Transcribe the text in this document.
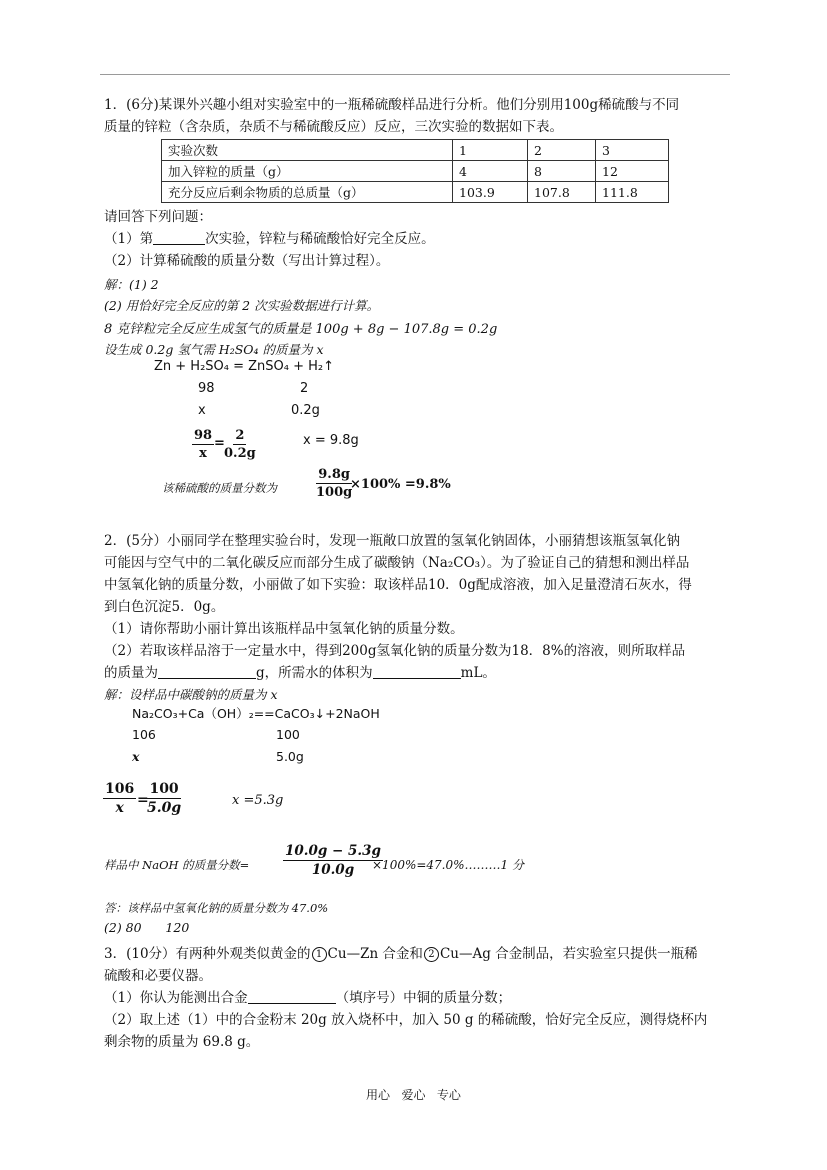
1．(6分)某课外兴趣小组对实验室中的一瓶稀硫酸样品进行分析。他们分别用100g稀硫酸与不同
质量的锌粒（含杂质，杂质不与稀硫酸反应）反应，三次实验的数据如下表。
实验次数	1	2	3
加入锌粒的质量（g）	4	8	12
充分反应后剩余物质的总质量（g）	103.9	107.8	111.8
请回答下列问题：
（1）第	次实验，锌粒与稀硫酸恰好完全反应。
（2）计算稀硫酸的质量分数（写出计算过程）。
解：(1) 2
(2) 用恰好完全反应的第 2 次实验数据进行计算。
8 克锌粒完全反应生成氢气的质量是 100g + 8g − 107.8g = 0.2g
设生成 0.2g 氢气需 H₂SO₄ 的质量为 x
Zn + H₂SO₄ = ZnSO₄ + H₂↑
98	2
x	0.2g
$\frac{98}{x} = \frac{2}{0.2g}$	x = 9.8g
该稀硫酸的质量分数为	$\frac{9.8g}{100g}$
×100% =9.8%
2．(5分）小丽同学在整理实验台时，发现一瓶敞口放置的氢氧化钠固体，小丽猜想该瓶氢氧化钠
可能因与空气中的二氧化碳反应而部分生成了碳酸钠（Na₂CO₃）。为了验证自己的猜想和测出样品
中氢氧化钠的质量分数，小丽做了如下实验：取该样品10．0g配成溶液，加入足量澄清石灰水，得
到白色沉淀5．0g。
（1）请你帮助小丽计算出该瓶样品中氢氧化钠的质量分数。
（2）若取该样品溶于一定量水中，得到200g氢氧化钠的质量分数为18．8%的溶液，则所取样品
的质量为	g，所需水的体积为	mL。
解：设样品中碳酸钠的质量为 x
Na₂CO₃+Ca（OH）₂==CaCO₃↓+2NaOH
106	100
x	5.0g
$\frac{106}{x}$ =
$\frac{100}{5.0g}$	x =5.3g
样品中 NaOH 的质量分数= $\frac{10.0g - 5.3g}{10.0g}$
×100%=47.0%………1 分
答：该样品中氢氧化钠的质量分数为 47.0%
(2) 80      120
3．(10分）有两种外观类似黄金的 1 Cu—Zn 合金和 2 Cu—Ag 合金制品，若实验室只提供一瓶稀
硫酸和必要仪器。
（1）你认为能测出合金	（填序号）中铜的质量分数；
（2）取上述（1）中的合金粉末 20g 放入烧杯中，加入 50 g 的稀硫酸，恰好完全反应，测得烧杯内
剩余物的质量为 69.8 g。
用心   爱心   专心
